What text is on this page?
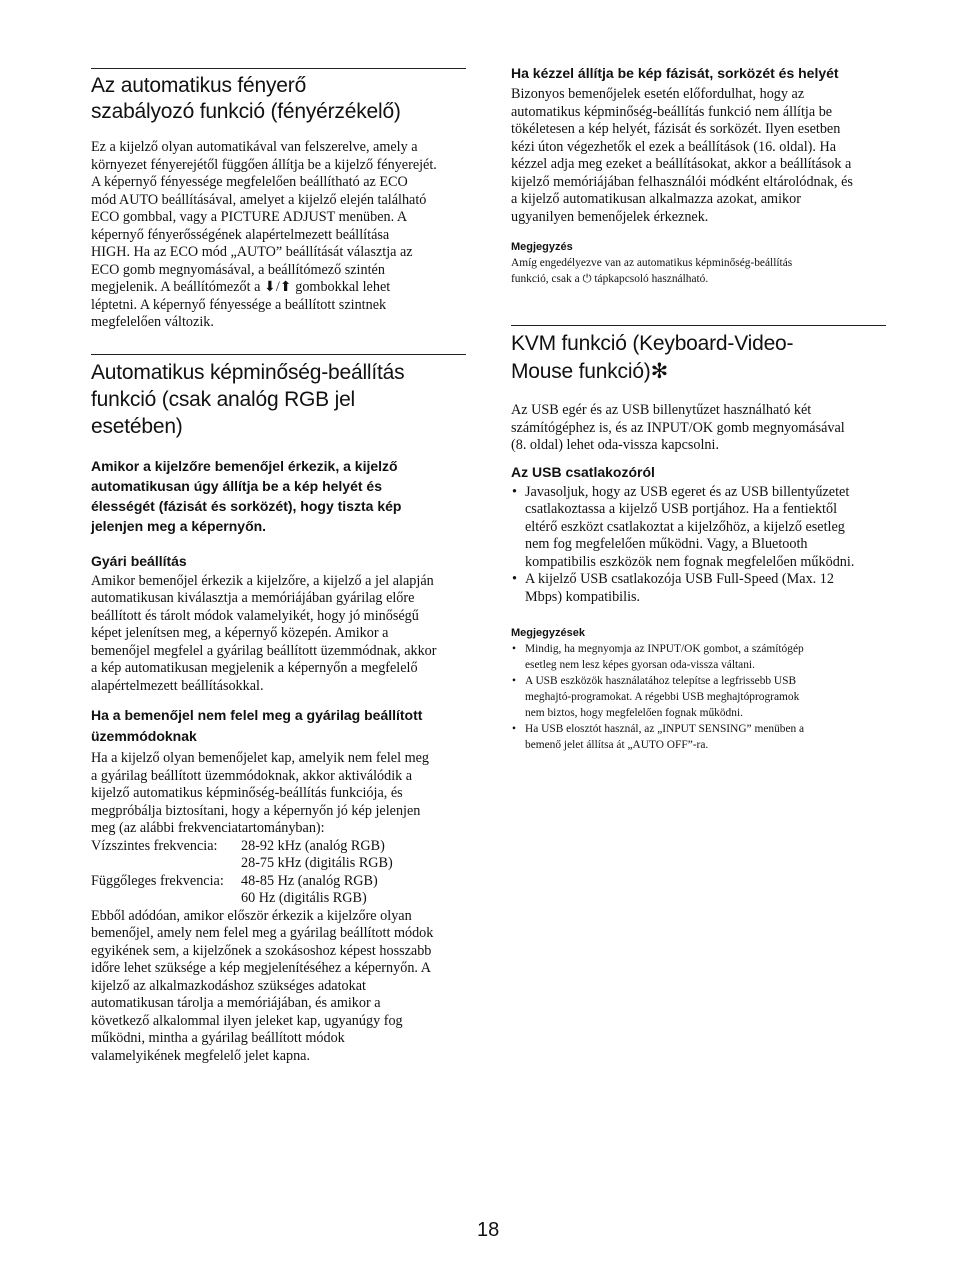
Az automatikus fényerő
szabályozó funkció (fényérzékelő)

Ez a kijelző olyan automatikával van felszerelve, amely a
környezet fényerejétől függően állítja be a kijelző fényerejét.
A képernyő fényessége megfelelően beállítható az ECO
mód AUTO beállításával, amelyet a kijelző elején található
ECO gombbal, vagy a PICTURE ADJUST menüben. A
képernyő fényerősségének alapértelmezett beállítása
HIGH. Ha az ECO mód „AUTO” beállítását választja az
ECO gomb megnyomásával, a beállítómező szintén
megjelenik. A beállítómezőt a ⬇/⬆ gombokkal lehet
léptetni. A képernyő fényessége a beállított szintnek
megfelelően változik.

Automatikus képminőség-beállítás
funkció (csak analóg RGB jel
esetében)

Amikor a kijelzőre bemenőjel érkezik, a kijelző
automatikusan úgy állítja be a kép helyét és
élességét (fázisát és sorközét), hogy tiszta kép
jelenjen meg a képernyőn.

Gyári beállítás

Amikor bemenőjel érkezik a kijelzőre, a kijelző a jel alapján
automatikusan kiválasztja a memóriájában gyárilag előre
beállított és tárolt módok valamelyikét, hogy jó minőségű
képet jelenítsen meg, a képernyő közepén. Amikor a
bemenőjel megfelel a gyárilag beállított üzemmódnak, akkor
a kép automatikusan megjelenik a képernyőn a megfelelő
alapértelmezett beállításokkal.

Ha a bemenőjel nem felel meg a gyárilag beállított
üzemmódoknak

Ha a kijelző olyan bemenőjelet kap, amelyik nem felel meg
a gyárilag beállított üzemmódoknak, akkor aktiválódik a
kijelző automatikus képminőség-beállítás funkciója, és
megpróbálja biztosítani, hogy a képernyőn jó kép jelenjen
meg (az alábbi frekvenciatartományban):

Vízszintes frekvencia:	28-92 kHz (analóg RGB)
28-75 kHz (digitális RGB)
Függőleges frekvencia:	48-85 Hz (analóg RGB)
60 Hz (digitális RGB)

Ebből adódóan, amikor először érkezik a kijelzőre olyan
bemenőjel, amely nem felel meg a gyárilag beállított módok
egyikének sem, a kijelzőnek a szokásoshoz képest hosszabb
időre lehet szüksége a kép megjelenítéséhez a képernyőn. A
kijelző az alkalmazkodáshoz szükséges adatokat
automatikusan tárolja a memóriájában, és amikor a
következő alkalommal ilyen jeleket kap, ugyanúgy fog
működni, mintha a gyárilag beállított módok
valamelyikének megfelelő jelet kapna.

Ha kézzel állítja be kép fázisát, sorközét és helyét

Bizonyos bemenőjelek esetén előfordulhat, hogy az
automatikus képminőség-beállítás funkció nem állítja be
tökéletesen a kép helyét, fázisát és sorközét. Ilyen esetben
kézi úton végezhetők el ezek a beállítások (16. oldal). Ha
kézzel adja meg ezeket a beállításokat, akkor a beállítások a
kijelző memóriájában felhasználói módként eltárolódnak, és
a kijelző automatikusan alkalmazza azokat, amikor
ugyanilyen bemenőjelek érkeznek.

Megjegyzés

Amíg engedélyezve van az automatikus képminőség-beállítás
funkció, csak a ⏻ tápkapcsoló használható.

KVM funkció (Keyboard-Video-
Mouse funkció)✻

Az USB egér és az USB billenytűzet használható két
számítógéphez is, és az INPUT/OK gomb megnyomásával
(8. oldal) lehet oda-vissza kapcsolni.

Az USB csatlakozóról
• Javasoljuk, hogy az USB egeret és az USB billentyűzetet
csatlakoztassa a kijelző USB portjához. Ha a fentiektől
eltérő eszközt csatlakoztat a kijelzőhöz, a kijelző esetleg
nem fog megfelelően működni. Vagy, a Bluetooth
kompatibilis eszközök nem fognak megfelelően működni.
• A kijelző USB csatlakozója USB Full-Speed (Max. 12
Mbps) kompatibilis.
Megjegyzések
• Mindig, ha megnyomja az INPUT/OK gombot, a számítógép
esetleg nem lesz képes gyorsan oda-vissza váltani.
• A USB eszközök használatához telepítse a legfrissebb USB
meghajtó-programokat. A régebbi USB meghajtóprogramok
nem biztos, hogy megfelelően fognak működni.
• Ha USB elosztót használ, az „INPUT SENSING” menüben a
bemenő jelet állítsa át „AUTO OFF”-ra.
18
